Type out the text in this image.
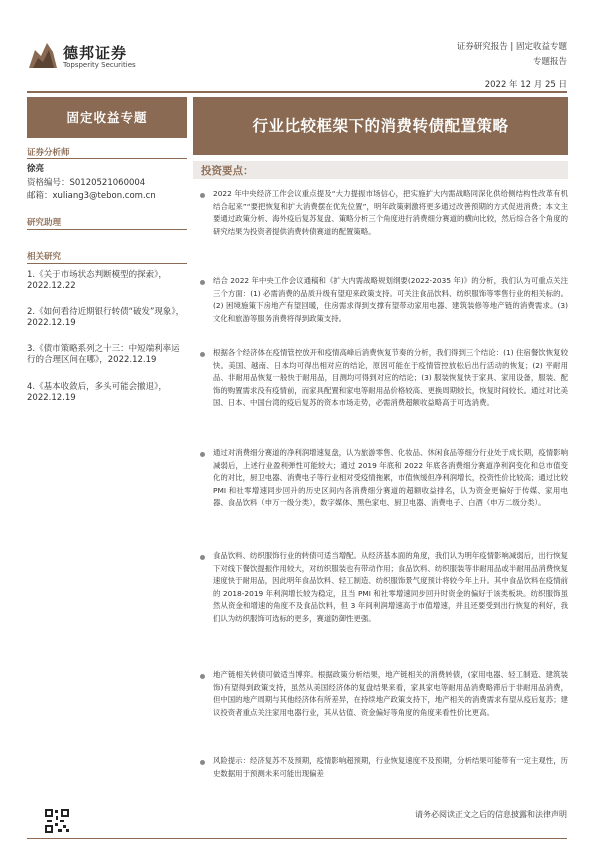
德邦证券
Topsperity Securities
证券研究报告 | 固定收益专题
专题报告
2022 年 12 月 25 日
固定收益专题
证券分析师
徐亮
资格编号：S0120521060004
邮箱：xuliang3@tebon.com.cn
研究助理
相关研究
1.《关于市场状态判断模型的探索》，2022.12.22
2.《如何看待近期银行转债“破发”现象》，2022.12.19
3.《债市策略系列之十三：中短端利率运行的合理区间在哪》，2022.12.19
4.《基本收敛后，多头可能会撤退》，2022.12.19
行业比较框架下的消费转债配置策略
投资要点：
2022 年中央经济工作会议重点提及“大力提振市场信心，把实施扩大内需战略同深化供给侧结构性改革有机结合起来”“要把恢复和扩大消费摆在优先位置”，明年政策刺激将更多通过改善预期的方式促进消费；本文主要通过政策分析、海外疫后复苏复盘、策略分析三个角度进行消费细分赛道的横向比较，然后综合各个角度的研究结果为投资者提供消费转债赛道的配置策略。
结合 2022 年中央工作会议通稿和《扩大内需战略规划纲要(2022-2035 年)》的分析，我们认为可重点关注三个方面：(1) 必需消费的品质升级有望迎来政策支持。可关注食品饮料、纺织服饰等零售行业的相关标的。(2) 困境施策下房地产有望回暖，住房需求得到支撑有望带动家用电器、建筑装修等地产链的消费需求。(3) 文化和旅游等服务消费将得到政策支持。
根据各个经济体在疫情管控放开和疫情高峰后消费恢复节奏的分析，我们得到三个结论：(1) 住宿餐饮恢复较快。美国、越南、日本均可得出相对应的结论，原因可能在于疫情管控放松后出行活动的恢复；(2) 平耐用品、非耐用品恢复一般快于耐用品，目测均可得到对应的结论；(3) 服装恢复快于家具、家用设备，服装、配饰的购置需求没有疫情前，而家具配置和家电等耐用品价格较高、更换周期较长，恢复时间较长。通过对比美国、日本、中国台湾的疫后复苏的资本市场走势，必需消费超额收益略高于可选消费。
通过对消费细分赛道的净利润增速复盘，认为旅游零售、化妆品、休闲食品等细分行业处于成长期，疫情影响减弱后，上述行业盈利弹性可能较大；通过 2019 年底和 2022 年底各消费细分赛道净利润变化和总市值变化的对比，厨卫电器、消费电子等行业相对受疫情拖累，市值恢缓但净利润增长，投资性价比较高；通过比较 PMI 和社零增速同步回升的历史区间内各消费细分赛道的超额收益排名，认为资金更偏好于传媒、家用电器、食品饮料（申万一级分类），数字媒体、黑色家电、厨卫电器、消费电子、白酒（申万二级分类）。
食品饮料、纺织服饰行业的转债可适当增配。从经济基本面的角度，我们认为明年疫情影响减弱后，出行恢复下对线下餐饮提振作用较大，对纺织服装也有带动作用；食品饮料、纺织服装等非耐用品或半耐用品消费恢复速度快于耐用品，因此明年食品饮料、轻工制造、纺织服饰景气度预计将较今年上升。其中食品饮料在疫情前的 2018-2019 年利润增长较为稳定，且当 PMI 和社零增速同步回升时资金的偏好于该类板块。纺织服饰虽然从资金和增速的角度不及食品饮料，但 3 年间利润增速高于市值增速，并且还要受到出行恢复的利好，我们认为纺织服饰可选标的更多，赛道防御性更强。
地产链相关转债可做适当博弈。根据政策分析结果，地产链相关的消费转债，(家用电器、轻工制造、建筑装饰)有望得到政策支持，虽然从美国经济体的复盘结果来看，家具家电等耐用品消费略滞后于非耐用品消费，但中国的地产周期与其他经济体有所差异，在持续地产政策支持下，地产相关的消费需求有望从疫后复苏；建议投资者重点关注家用电器行业，其从估值、资金偏好等角度的角度来看性价比更高。
风险提示：经济复苏不及预期，疫情影响超预期，行业恢复速度不及预期，分析结果可能带有一定主观性，历史数据用于预测未来可能出现偏差
请务必阅读正文之后的信息披露和法律声明
